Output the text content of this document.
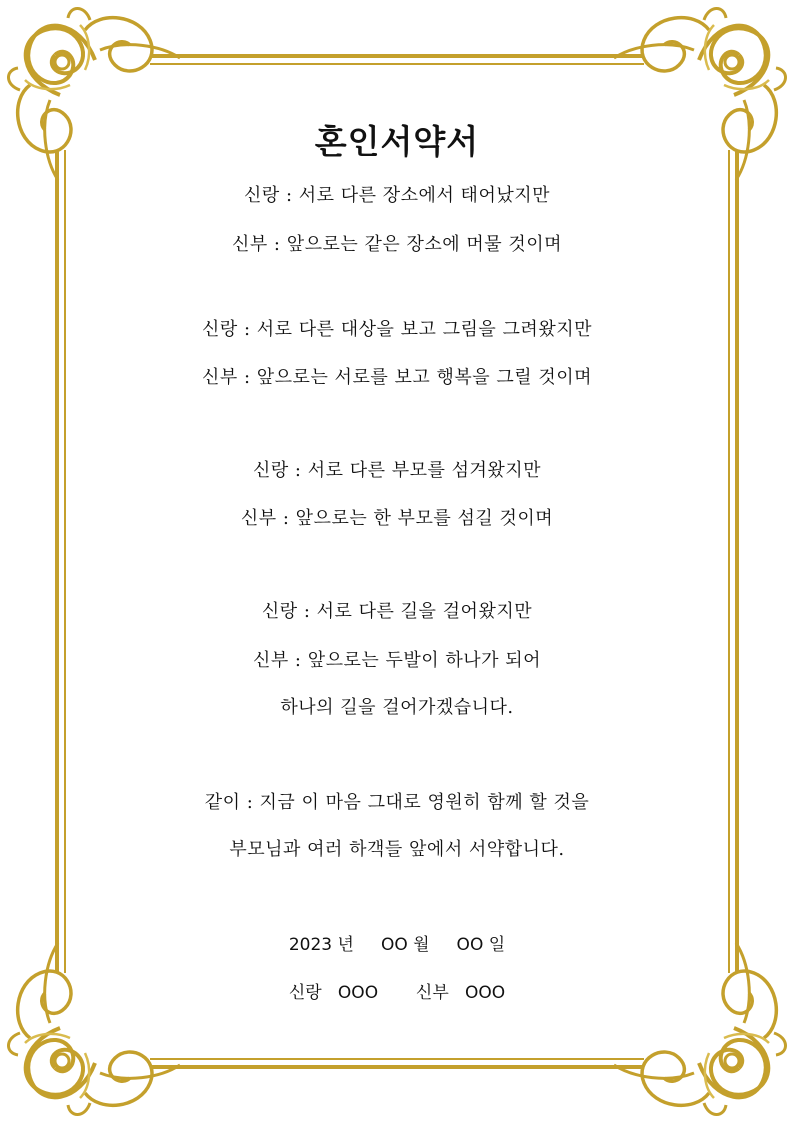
혼인서약서
신랑 : 서로 다른 장소에서 태어났지만
신부 : 앞으로는 같은 장소에 머물 것이며
신랑 : 서로 다른 대상을 보고 그림을 그려왔지만
신부 : 앞으로는 서로를 보고 행복을 그릴 것이며
신랑 : 서로 다른 부모를 섬겨왔지만
신부 : 앞으로는 한 부모를 섬길 것이며
신랑 : 서로 다른 길을 걸어왔지만
신부 : 앞으로는 두발이 하나가 되어
하나의 길을 걸어가겠습니다.
같이 : 지금 이 마음 그대로 영원히 함께 할 것을
부모님과 여러 하객들 앞에서 서약합니다.
2023 년     OO 월     OO 일
신랑   OOO       신부   OOO
